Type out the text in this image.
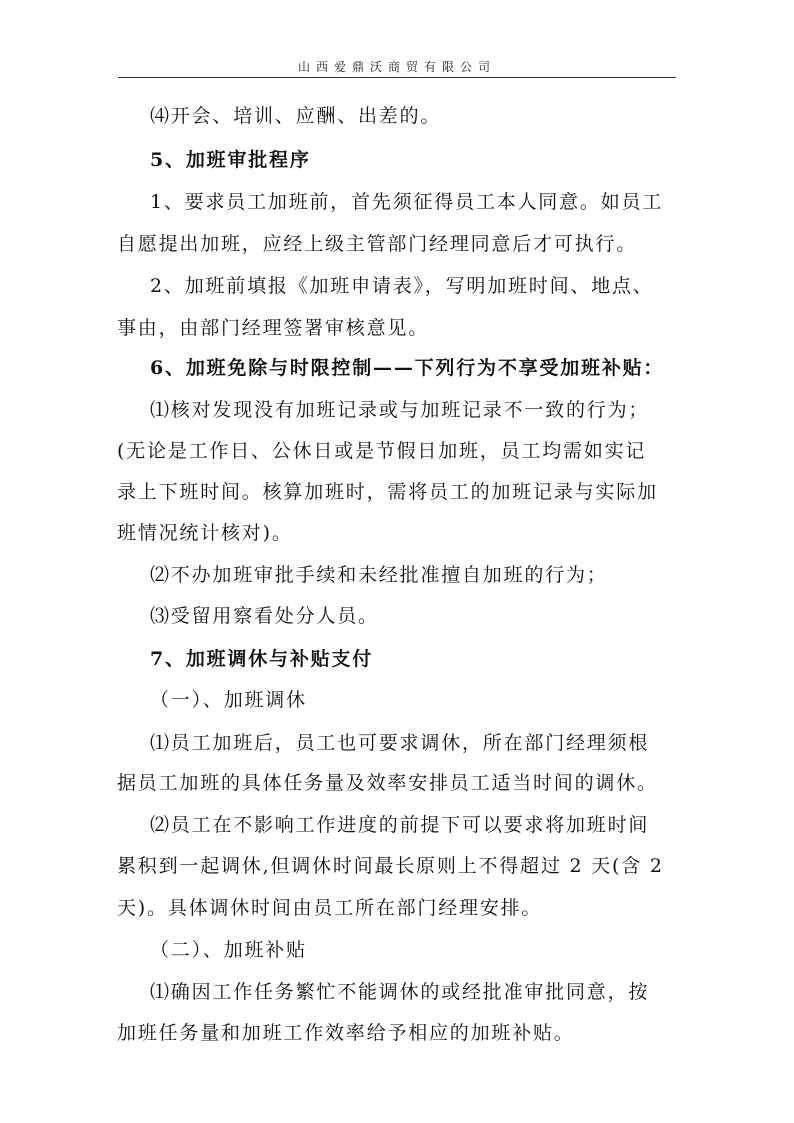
山西爱鼎沃商贸有限公司
⑷开会、培训、应酬、出差的。
5、加班审批程序
1、要求员工加班前，首先须征得员工本人同意。如员工
自愿提出加班，应经上级主管部门经理同意后才可执行。
2、加班前填报《加班申请表》，写明加班时间、地点、
事由，由部门经理签署审核意见。
6、加班免除与时限控制——下列行为不享受加班补贴：
⑴核对发现没有加班记录或与加班记录不一致的行为；
(无论是工作日、公休日或是节假日加班，员工均需如实记
录上下班时间。核算加班时，需将员工的加班记录与实际加
班情况统计核对)。
⑵不办加班审批手续和未经批准擅自加班的行为；
⑶受留用察看处分人员。
7、加班调休与补贴支付
（一）、加班调休
⑴员工加班后，员工也可要求调休，所在部门经理须根
据员工加班的具体任务量及效率安排员工适当时间的调休。
⑵员工在不影响工作进度的前提下可以要求将加班时间
累积到一起调休,但调休时间最长原则上不得超过 2 天(含 2
天)。具体调休时间由员工所在部门经理安排。
（二）、加班补贴
⑴确因工作任务繁忙不能调休的或经批准审批同意，按
加班任务量和加班工作效率给予相应的加班补贴。
